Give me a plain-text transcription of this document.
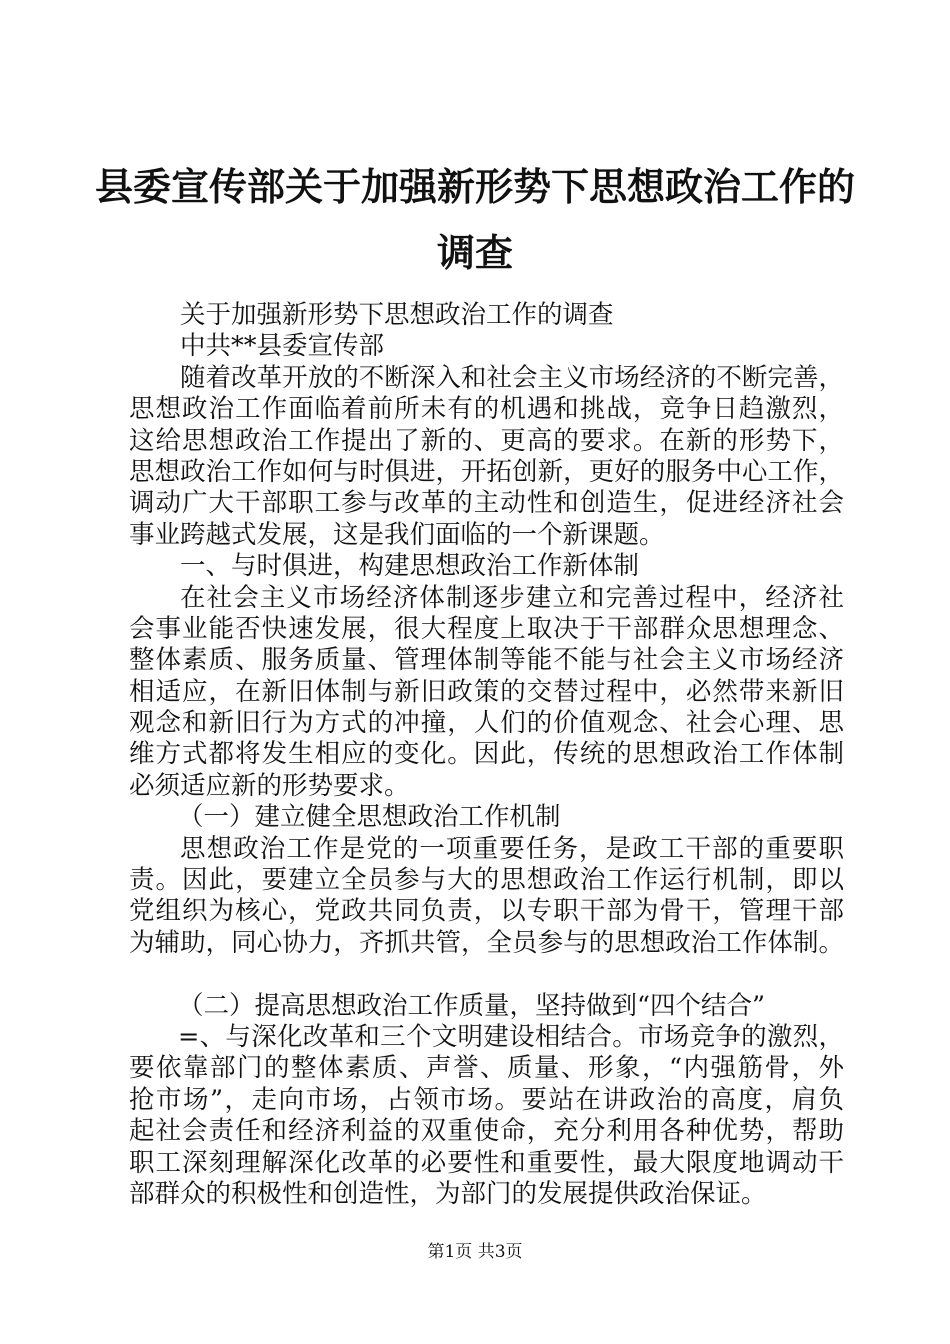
县委宣传部关于加强新形势下思想政治工作的
调查
关于加强新形势下思想政治工作的调查
中共**县委宣传部
随着改革开放的不断深入和社会主义市场经济的不断完善，
思想政治工作面临着前所未有的机遇和挑战，竞争日趋激烈，
这给思想政治工作提出了新的、更高的要求。在新的形势下，
思想政治工作如何与时俱进，开拓创新，更好的服务中心工作，
调动广大干部职工参与改革的主动性和创造生，促进经济社会
事业跨越式发展，这是我们面临的一个新课题。
一、与时俱进，构建思想政治工作新体制
在社会主义市场经济体制逐步建立和完善过程中，经济社
会事业能否快速发展，很大程度上取决于干部群众思想理念、
整体素质、服务质量、管理体制等能不能与社会主义市场经济
相适应，在新旧体制与新旧政策的交替过程中，必然带来新旧
观念和新旧行为方式的冲撞，人们的价值观念、社会心理、思
维方式都将发生相应的变化。因此，传统的思想政治工作体制
必须适应新的形势要求。
（一）建立健全思想政治工作机制
思想政治工作是党的一项重要任务，是政工干部的重要职
责。因此，要建立全员参与大的思想政治工作运行机制，即以
党组织为核心，党政共同负责，以专职干部为骨干，管理干部
为辅助，同心协力，齐抓共管，全员参与的思想政治工作体制。
（二）提高思想政治工作质量，坚持做到“四个结合”
=、与深化改革和三个文明建设相结合。市场竞争的激烈，
要依靠部门的整体素质、声誉、质量、形象，“内强筋骨，外
抢市场”，走向市场，占领市场。要站在讲政治的高度，肩负
起社会责任和经济利益的双重使命，充分利用各种优势，帮助
职工深刻理解深化改革的必要性和重要性，最大限度地调动干
部群众的积极性和创造性，为部门的发展提供政治保证。
第1页 共3页
